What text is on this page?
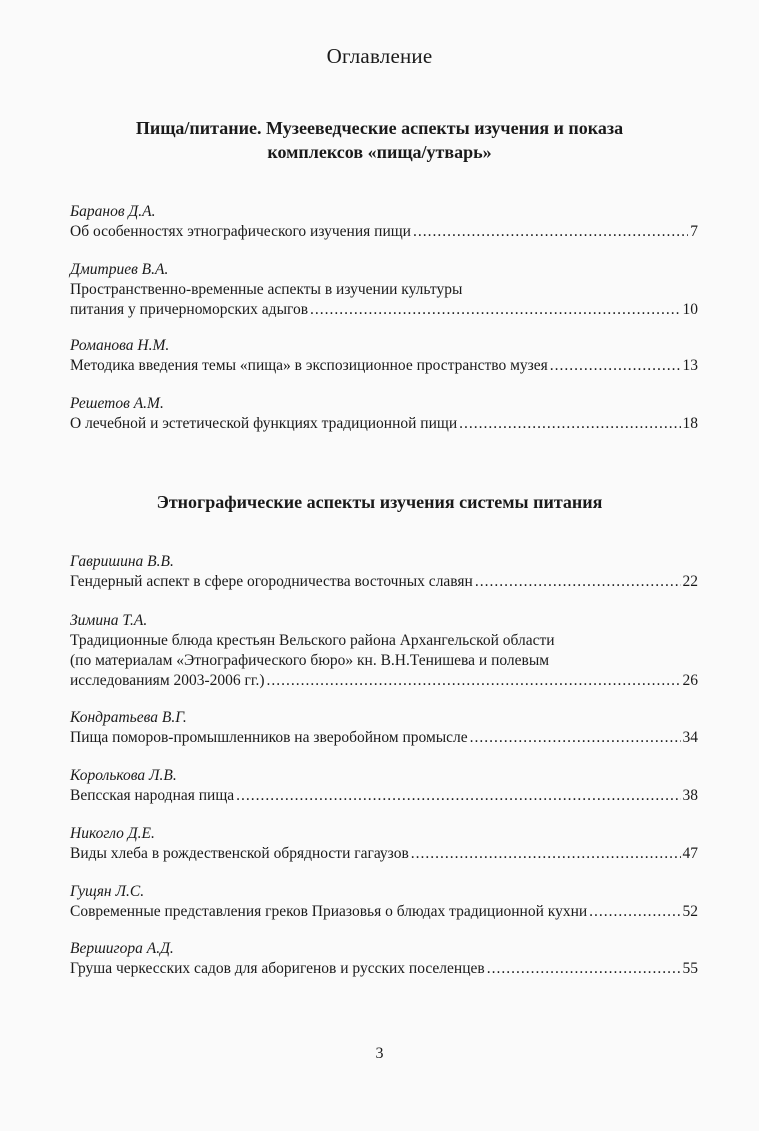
Оглавление
Пища/питание. Музееведческие аспекты изучения и показа
комплексов «пища/утварь»
Баранов Д.А.
Об особенностях этнографического изучения пищи .....	7
Дмитриев В.А.
Пространственно-временные аспекты в изучении культуры
питания у причерноморских адыгов .....	10
Романова Н.М.
Методика введения темы «пища» в экспозиционное пространство музея .....	13
Решетов А.М.
О лечебной и эстетической функциях традиционной пищи .....	18
Этнографические аспекты изучения системы питания
Гавришина В.В.
Гендерный аспект в сфере огородничества восточных славян .....	22
Зимина Т.А.
Традиционные блюда крестьян Вельского района Архангельской области
(по материалам «Этнографического бюро» кн. В.Н.Тенишева и полевым
исследованиям 2003-2006 гг.) .....	26
Кондратьева В.Г.
Пища поморов-промышленников на зверобойном промысле .....	34
Королькова Л.В.
Вепсская народная пища .....	38
Никогло Д.Е.
Виды хлеба в рождественской обрядности гагаузов .....	47
Гущян Л.С.
Современные представления греков Приазовья о блюдах традиционной кухни .....	52
Вершигора А.Д.
Груша черкесских садов для аборигенов и русских поселенцев .....	55
3
